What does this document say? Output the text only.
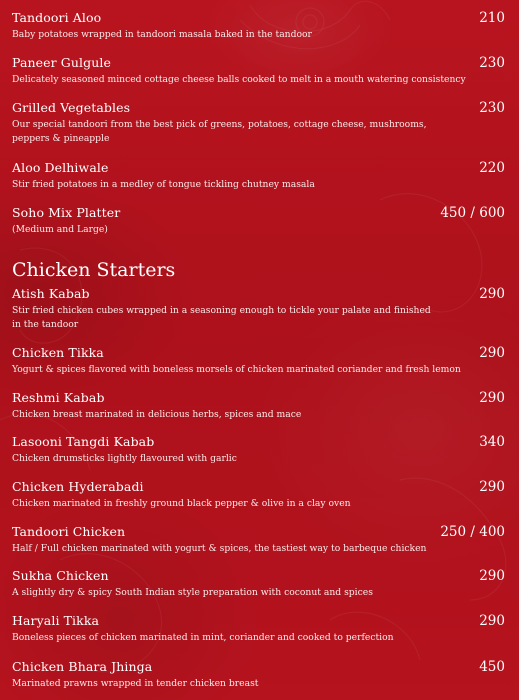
Tandoori Aloo	210
Baby potatoes wrapped in tandoori masala baked in the tandoor
Paneer Gulgule	230
Delicately seasoned minced cottage cheese balls cooked to melt in a mouth watering consistency
Grilled Vegetables	230
Our special tandoori from the best pick of greens, potatoes, cottage cheese, mushrooms,
peppers & pineapple
Aloo Delhiwale	220
Stir fried potatoes in a medley of tongue tickling chutney masala
Soho Mix Platter	450 / 600
(Medium and Large)
Chicken Starters
Atish Kabab	290
Stir fried chicken cubes wrapped in a seasoning enough to tickle your palate and finished
in the tandoor
Chicken Tikka	290
Yogurt & spices flavored with boneless morsels of chicken marinated coriander and fresh lemon
Reshmi Kabab	290
Chicken breast marinated in delicious herbs, spices and mace
Lasooni Tangdi Kabab	340
Chicken drumsticks lightly flavoured with garlic
Chicken Hyderabadi	290
Chicken marinated in freshly ground black pepper & olive in a clay oven
Tandoori Chicken	250 / 400
Half / Full chicken marinated with yogurt & spices, the tastiest way to barbeque chicken
Sukha Chicken	290
A slightly dry & spicy South Indian style preparation with coconut and spices
Haryali Tikka	290
Boneless pieces of chicken marinated in mint, coriander and cooked to perfection
Chicken Bhara Jhinga	450
Marinated prawns wrapped in tender chicken breast
